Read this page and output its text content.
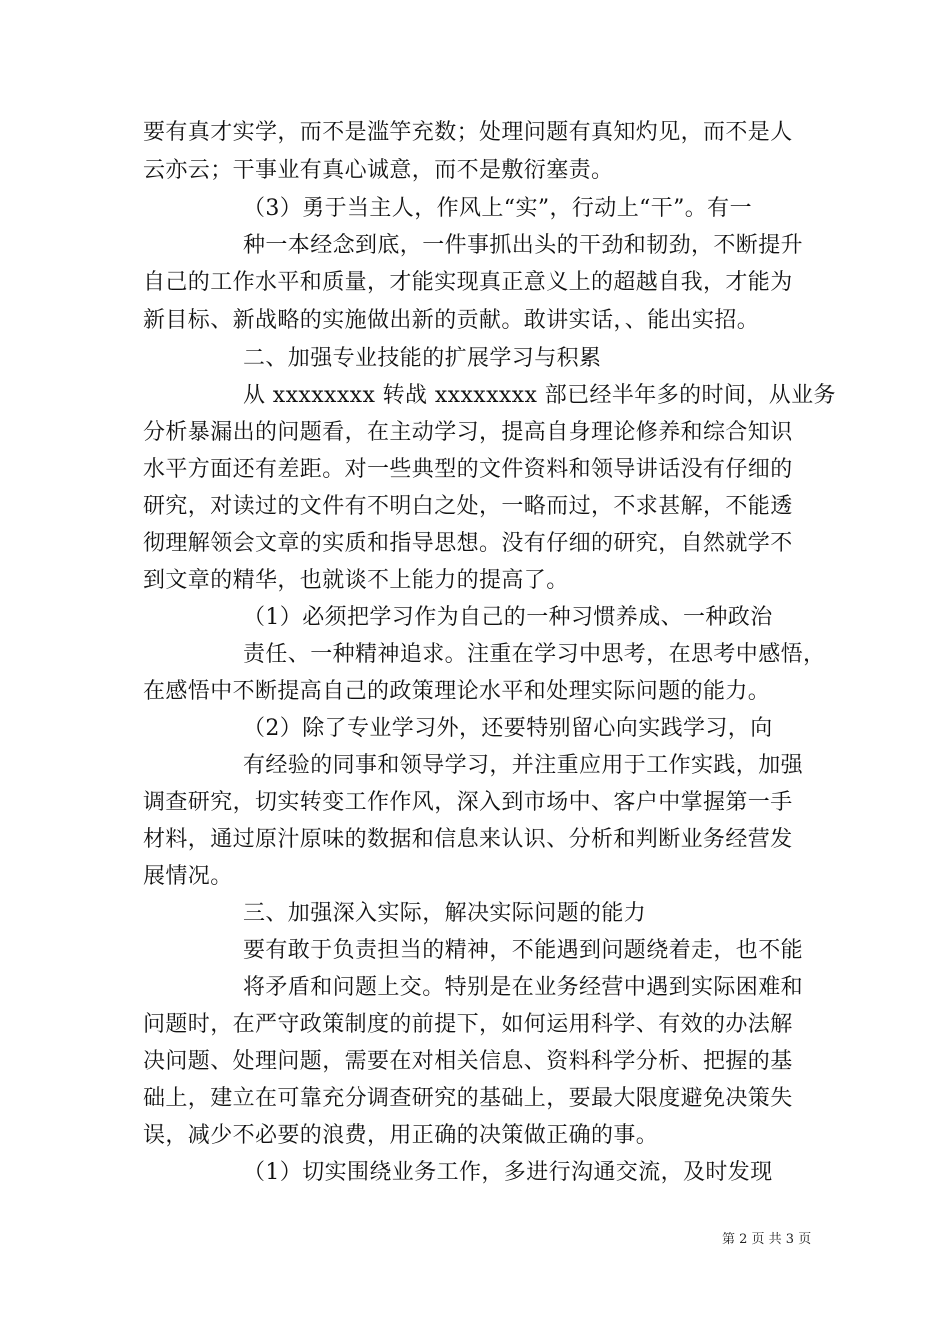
要有真才实学，而不是滥竽充数；处理问题有真知灼见，而不是人
云亦云；干事业有真心诚意，而不是敷衍塞责。
（3）勇于当主人，作风上“实”，行动上“干”。有一
种一本经念到底，一件事抓出头的干劲和韧劲，不断提升
自己的工作水平和质量，才能实现真正意义上的超越自我，才能为
新目标、新战略的实施做出新的贡献。敢讲实话，、能出实招。
二、加强专业技能的扩展学习与积累
从 xxxxxxxx 转战 xxxxxxxx 部已经半年多的时间，从业务
分析暴漏出的问题看，在主动学习，提高自身理论修养和综合知识
水平方面还有差距。对一些典型的文件资料和领导讲话没有仔细的
研究，对读过的文件有不明白之处，一略而过，不求甚解，不能透
彻理解领会文章的实质和指导思想。没有仔细的研究，自然就学不
到文章的精华，也就谈不上能力的提高了。
（1）必须把学习作为自己的一种习惯养成、一种政治
责任、一种精神追求。注重在学习中思考，在思考中感悟，
在感悟中不断提高自己的政策理论水平和处理实际问题的能力。
（2）除了专业学习外，还要特别留心向实践学习，向
有经验的同事和领导学习，并注重应用于工作实践，加强
调查研究，切实转变工作作风，深入到市场中、客户中掌握第一手
材料，通过原汁原味的数据和信息来认识、分析和判断业务经营发
展情况。
三、加强深入实际，解决实际问题的能力
要有敢于负责担当的精神，不能遇到问题绕着走，也不能
将矛盾和问题上交。特别是在业务经营中遇到实际困难和
问题时，在严守政策制度的前提下，如何运用科学、有效的办法解
决问题、处理问题，需要在对相关信息、资料科学分析、把握的基
础上，建立在可靠充分调查研究的基础上，要最大限度避免决策失
误，减少不必要的浪费，用正确的决策做正确的事。
（1）切实围绕业务工作，多进行沟通交流，及时发现
第 2 页 共 3 页
